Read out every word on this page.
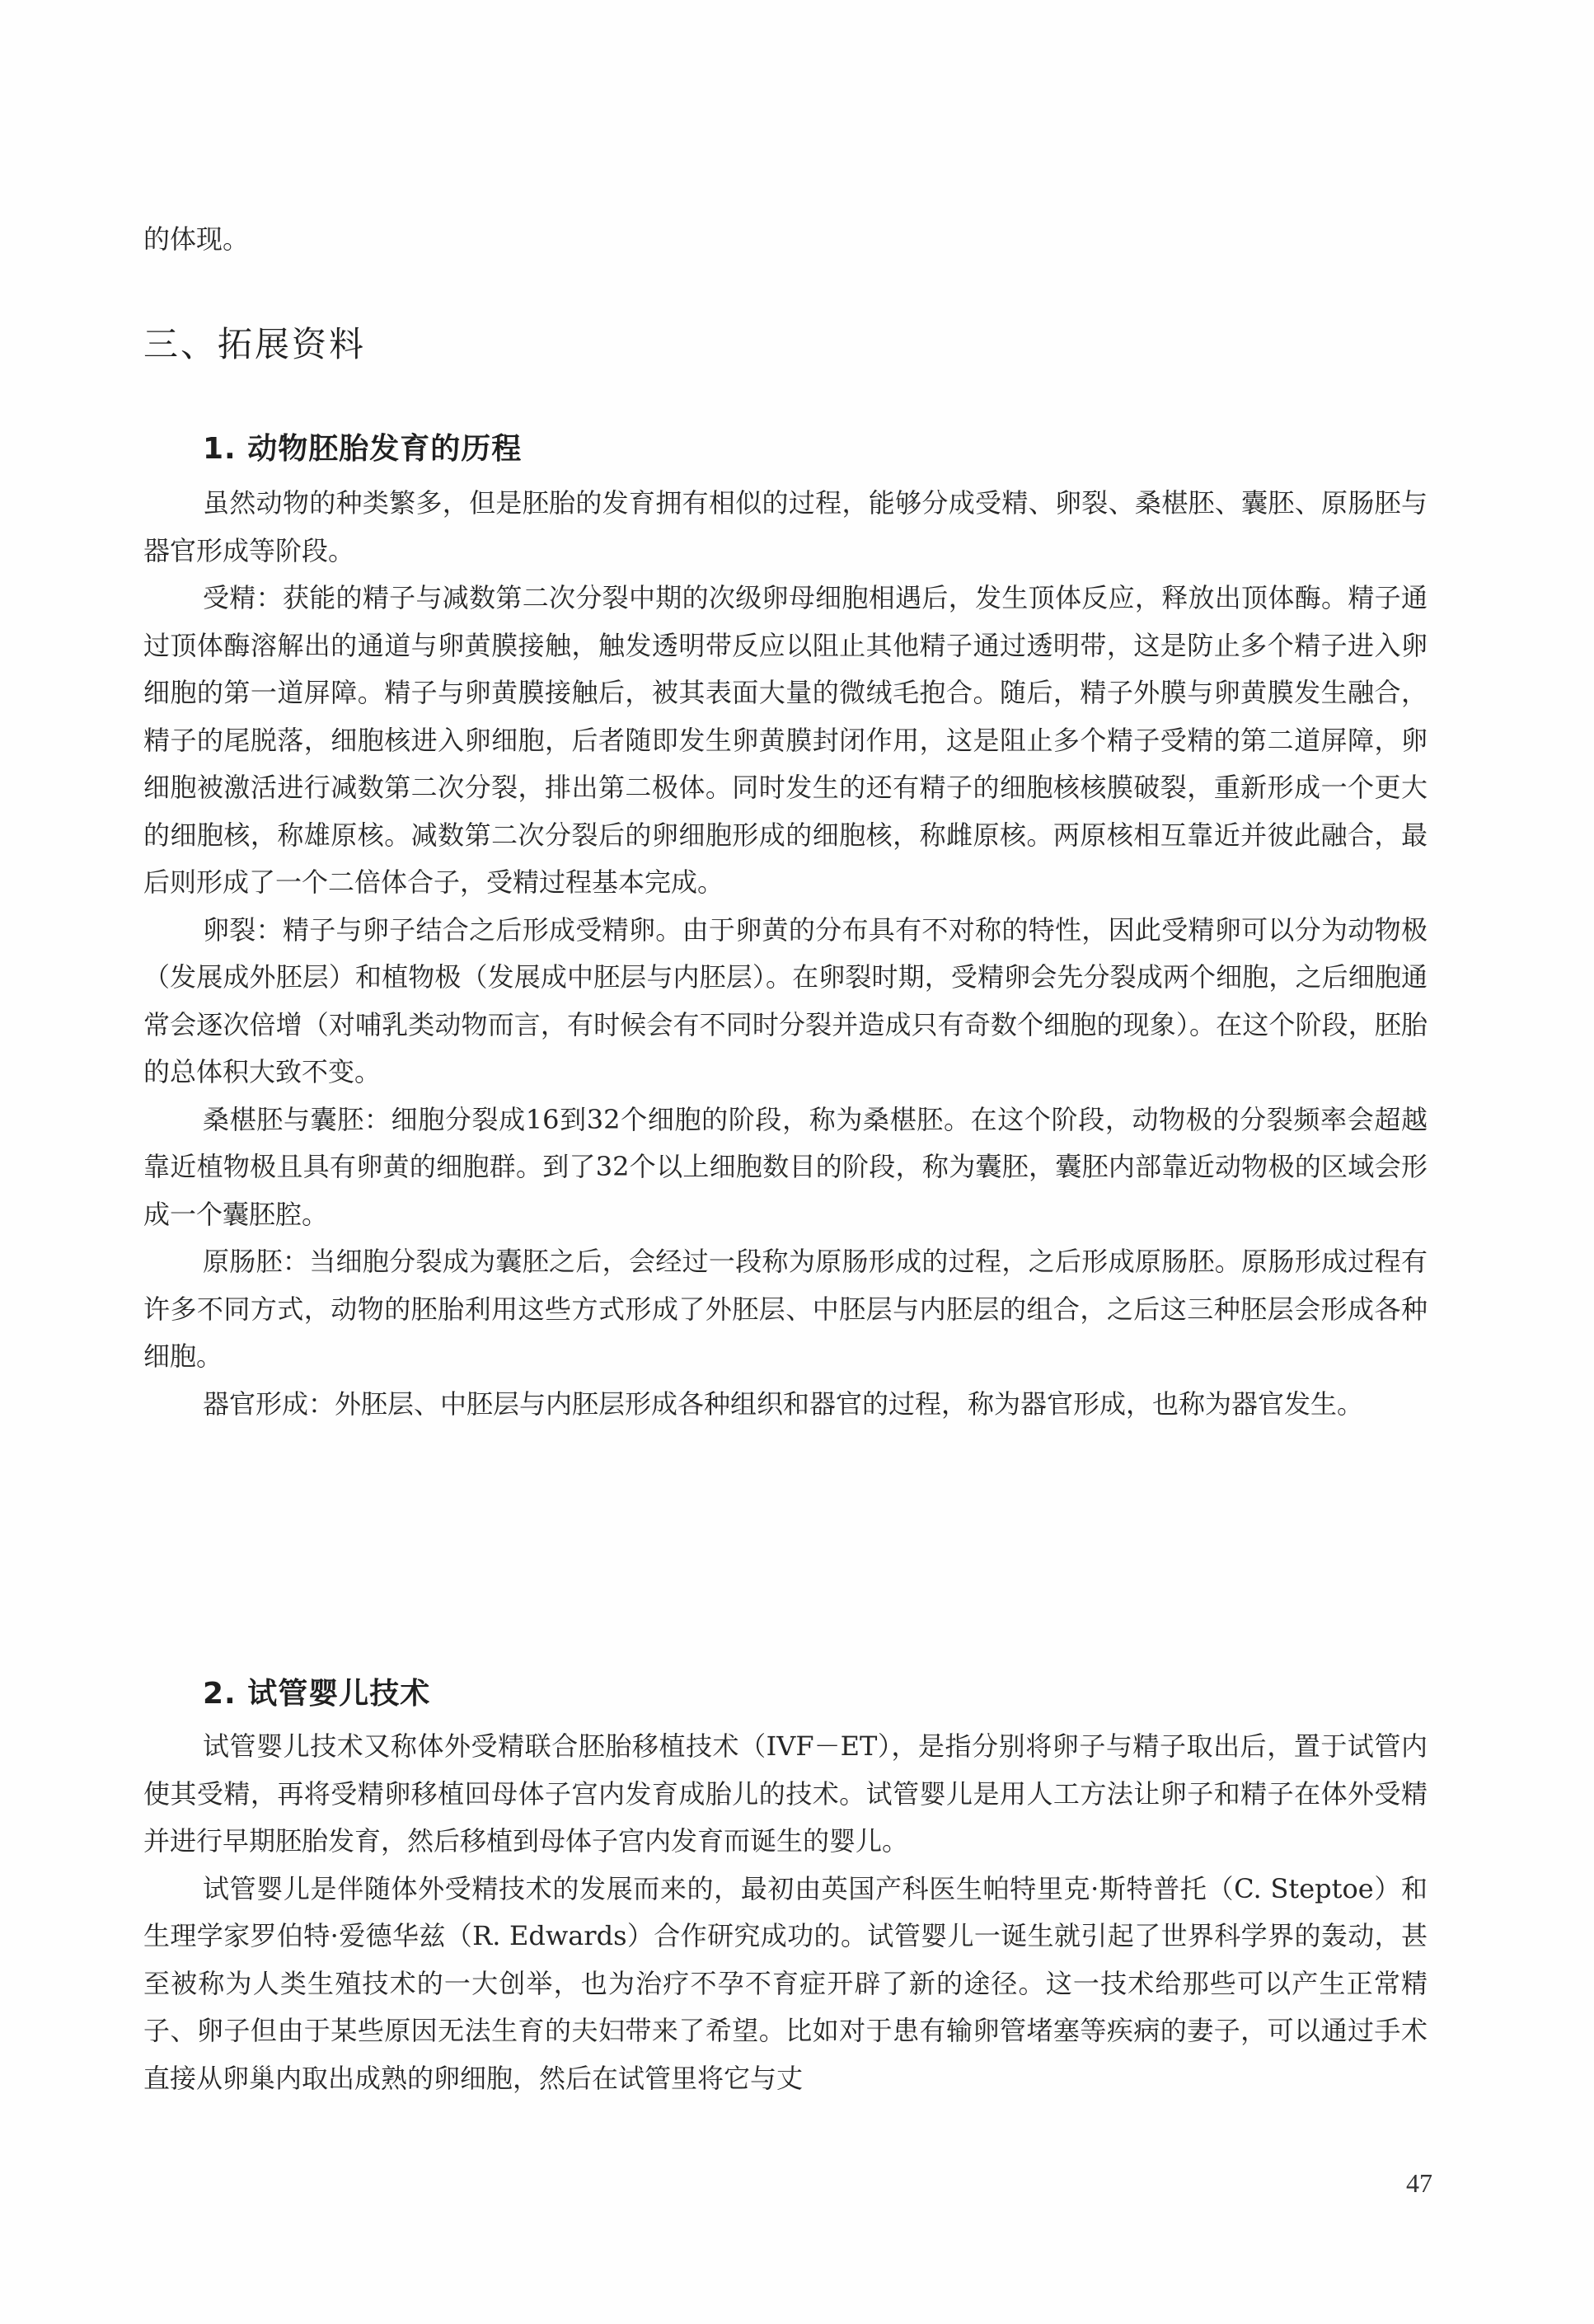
的体现。

三、拓展资料
1. 动物胚胎发育的历程

虽然动物的种类繁多，但是胚胎的发育拥有相似的过程，能够分成受精、卵裂、桑椹胚、囊胚、原肠胚与器官形成等阶段。

受精：获能的精子与减数第二次分裂中期的次级卵母细胞相遇后，发生顶体反应，释放出顶体酶。精子通过顶体酶溶解出的通道与卵黄膜接触，触发透明带反应以阻止其他精子通过透明带，这是防止多个精子进入卵细胞的第一道屏障。精子与卵黄膜接触后，被其表面大量的微绒毛抱合。随后，精子外膜与卵黄膜发生融合，精子的尾脱落，细胞核进入卵细胞，后者随即发生卵黄膜封闭作用，这是阻止多个精子受精的第二道屏障，卵细胞被激活进行减数第二次分裂，排出第二极体。同时发生的还有精子的细胞核核膜破裂，重新形成一个更大的细胞核，称雄原核。减数第二次分裂后的卵细胞形成的细胞核，称雌原核。两原核相互靠近并彼此融合，最后则形成了一个二倍体合子，受精过程基本完成。

卵裂：精子与卵子结合之后形成受精卵。由于卵黄的分布具有不对称的特性，因此受精卵可以分为动物极（发展成外胚层）和植物极（发展成中胚层与内胚层）。在卵裂时期，受精卵会先分裂成两个细胞，之后细胞通常会逐次倍增（对哺乳类动物而言，有时候会有不同时分裂并造成只有奇数个细胞的现象）。在这个阶段，胚胎的总体积大致不变。

桑椹胚与囊胚：细胞分裂成16到32个细胞的阶段，称为桑椹胚。在这个阶段，动物极的分裂频率会超越靠近植物极且具有卵黄的细胞群。到了32个以上细胞数目的阶段，称为囊胚，囊胚内部靠近动物极的区域会形成一个囊胚腔。

原肠胚：当细胞分裂成为囊胚之后，会经过一段称为原肠形成的过程，之后形成原肠胚。原肠形成过程有许多不同方式，动物的胚胎利用这些方式形成了外胚层、中胚层与内胚层的组合，之后这三种胚层会形成各种细胞。

器官形成：外胚层、中胚层与内胚层形成各种组织和器官的过程，称为器官形成，也称为器官发生。

2. 试管婴儿技术

试管婴儿技术又称体外受精联合胚胎移植技术（IVF－ET），是指分别将卵子与精子取出后，置于试管内使其受精，再将受精卵移植回母体子宫内发育成胎儿的技术。试管婴儿是用人工方法让卵子和精子在体外受精并进行早期胚胎发育，然后移植到母体子宫内发育而诞生的婴儿。

试管婴儿是伴随体外受精技术的发展而来的，最初由英国产科医生帕特里克·斯特普托（C. Steptoe）和生理学家罗伯特·爱德华兹（R. Edwards）合作研究成功的。试管婴儿一诞生就引起了世界科学界的轰动，甚至被称为人类生殖技术的一大创举，也为治疗不孕不育症开辟了新的途径。这一技术给那些可以产生正常精子、卵子但由于某些原因无法生育的夫妇带来了希望。比如对于患有输卵管堵塞等疾病的妻子，可以通过手术直接从卵巢内取出成熟的卵细胞，然后在试管里将它与丈

47
